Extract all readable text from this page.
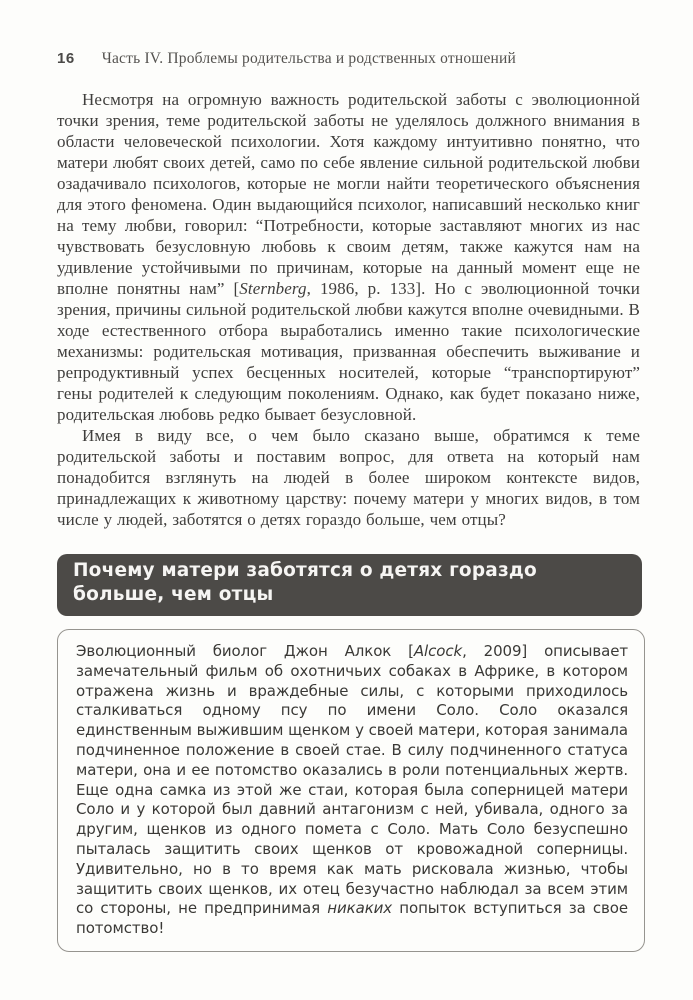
16 Часть IV. Проблемы родительства и родственных отношений

Несмотря на огромную важность родительской заботы с эволюционной точки зрения, теме родительской заботы не уделялось должного внимания в области человеческой психологии. Хотя каждому интуитивно понятно, что матери любят своих детей, само по себе явление сильной родительской любви озадачивало психологов, которые не могли найти теоретического объяснения для этого феномена. Один выдающийся психолог, написавший несколько книг на тему любви, говорил: “Потребности, которые заставляют многих из нас чувствовать безусловную любовь к своим детям, также кажутся нам на удивление устойчивыми по причинам, которые на данный момент еще не вполне понятны нам” [Sternberg, 1986, p. 133]. Но с эволюционной точки зрения, причины сильной родительской любви кажутся вполне очевидными. В ходе естественного отбора выработались именно такие психологические механизмы: родительская мотивация, призванная обеспечить выживание и репродуктивный успех бесценных носителей, которые “транспортируют” гены родителей к следующим поколениям. Однако, как будет показано ниже, родительская любовь редко бывает безусловной.

Имея в виду все, о чем было сказано выше, обратимся к теме родительской заботы и поставим вопрос, для ответа на который нам понадобится взглянуть на людей в более широком контексте видов, принадлежащих к животному царству: почему матери у многих видов, в том числе у людей, заботятся о детях гораздо больше, чем отцы?

Почему матери заботятся о детях гораздо больше, чем отцы

Эволюционный биолог Джон Алкок [Alcock, 2009] описывает замечательный фильм об охотничьих собаках в Африке, в котором отражена жизнь и враждебные силы, с которыми приходилось сталкиваться одному псу по имени Соло. Соло оказался единственным выжившим щенком у своей матери, которая занимала подчиненное положение в своей стае. В силу подчиненного статуса матери, она и ее потомство оказались в роли потенциальных жертв. Еще одна самка из этой же стаи, которая была соперницей матери Соло и у которой был давний антагонизм с ней, убивала, одного за другим, щенков из одного помета с Соло. Мать Соло безуспешно пыталась защитить своих щенков от кровожадной соперницы. Удивительно, но в то время как мать рисковала жизнью, чтобы защитить своих щенков, их отец безучастно наблюдал за всем этим со стороны, не предпринимая никаких попыток вступиться за свое потомство!
